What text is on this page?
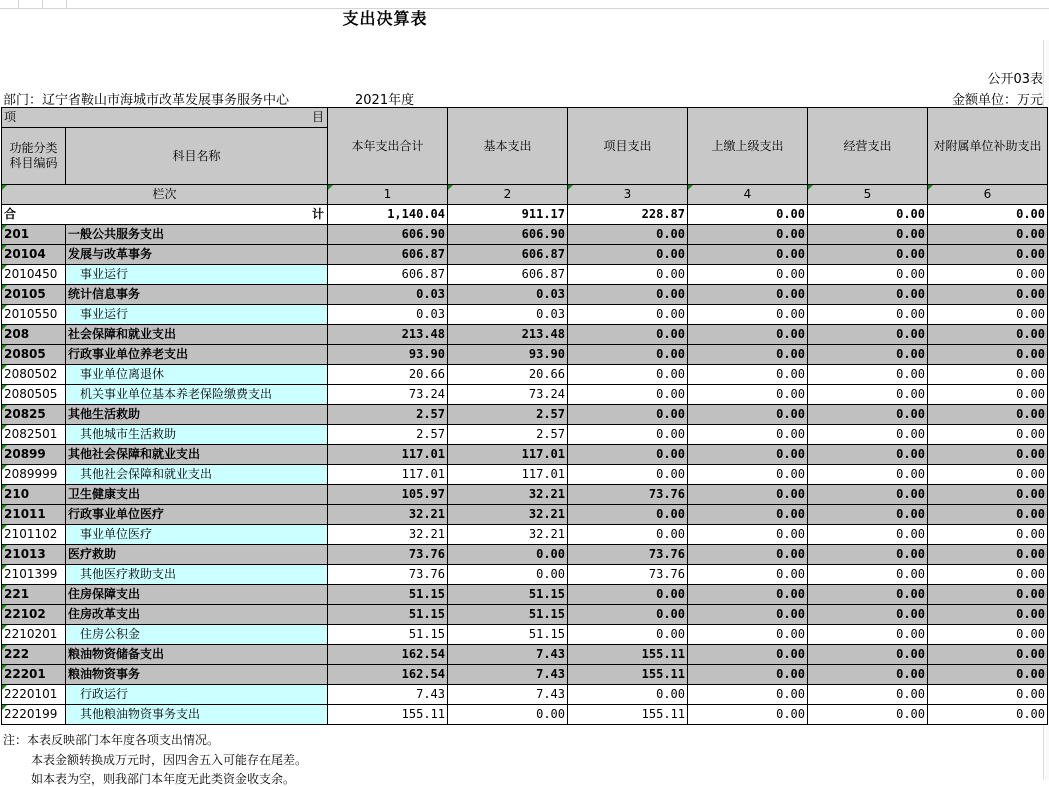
支出决算表
公开03表
部门：辽宁省鞍山市海城市改革发展事务服务中心	2021年度	金额单位：万元
项 目		本年支出合计	基本支出	项目支出	上缴上级支出	经营支出	对附属单位补助支出
功能分类科目编码	科目名称						

栏次		1	2	3	4	5	6
合 计		1,140.04	911.17	228.87	0.00	0.00	0.00
201	一般公共服务支出	606.90	606.90	0.00	0.00	0.00	0.00
20104	发展与改革事务	606.87	606.87	0.00	0.00	0.00	0.00
2010450	事业运行	606.87	606.87	0.00	0.00	0.00	0.00
20105	统计信息事务	0.03	0.03	0.00	0.00	0.00	0.00
2010550	事业运行	0.03	0.03	0.00	0.00	0.00	0.00
208	社会保障和就业支出	213.48	213.48	0.00	0.00	0.00	0.00
20805	行政事业单位养老支出	93.90	93.90	0.00	0.00	0.00	0.00
2080502	事业单位离退休	20.66	20.66	0.00	0.00	0.00	0.00
2080505	机关事业单位基本养老保险缴费支出	73.24	73.24	0.00	0.00	0.00	0.00
20825	其他生活救助	2.57	2.57	0.00	0.00	0.00	0.00
2082501	其他城市生活救助	2.57	2.57	0.00	0.00	0.00	0.00
20899	其他社会保障和就业支出	117.01	117.01	0.00	0.00	0.00	0.00
2089999	其他社会保障和就业支出	117.01	117.01	0.00	0.00	0.00	0.00
210	卫生健康支出	105.97	32.21	73.76	0.00	0.00	0.00
21011	行政事业单位医疗	32.21	32.21	0.00	0.00	0.00	0.00
2101102	事业单位医疗	32.21	32.21	0.00	0.00	0.00	0.00
21013	医疗救助	73.76	0.00	73.76	0.00	0.00	0.00
2101399	其他医疗救助支出	73.76	0.00	73.76	0.00	0.00	0.00
221	住房保障支出	51.15	51.15	0.00	0.00	0.00	0.00
22102	住房改革支出	51.15	51.15	0.00	0.00	0.00	0.00
2210201	住房公积金	51.15	51.15	0.00	0.00	0.00	0.00
222	粮油物资储备支出	162.54	7.43	155.11	0.00	0.00	0.00
22201	粮油物资事务	162.54	7.43	155.11	0.00	0.00	0.00
2220101	行政运行	7.43	7.43	0.00	0.00	0.00	0.00
2220199	其他粮油物资事务支出	155.11	0.00	155.11	0.00	0.00	0.00
注：本表反映部门本年度各项支出情况。
本表金额转换成万元时，因四舍五入可能存在尾差。
如本表为空，则我部门本年度无此类资金收支余。
